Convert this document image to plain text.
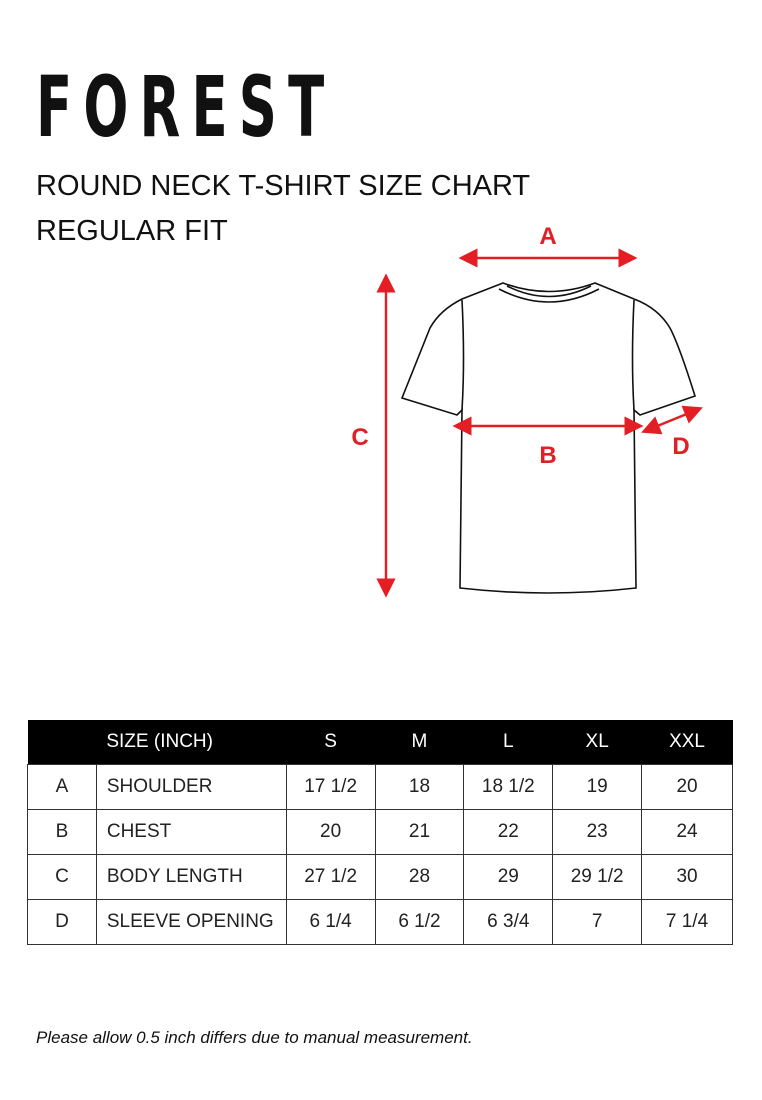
FOREST
ROUND NECK T-SHIRT SIZE CHART
REGULAR FIT	A
B
C	D
	SIZE (INCH)	S	M	L	XL	XXL
A	SHOULDER	17 1/2	18	18 1/2	19	20
B	CHEST	20	21	22	23	24
C	BODY LENGTH	27 1/2	28	29	29 1/2	30
D	SLEEVE OPENING	6 1/4	6 1/2	6 3/4	7	7 1/4
Please allow 0.5 inch differs due to manual measurement.
